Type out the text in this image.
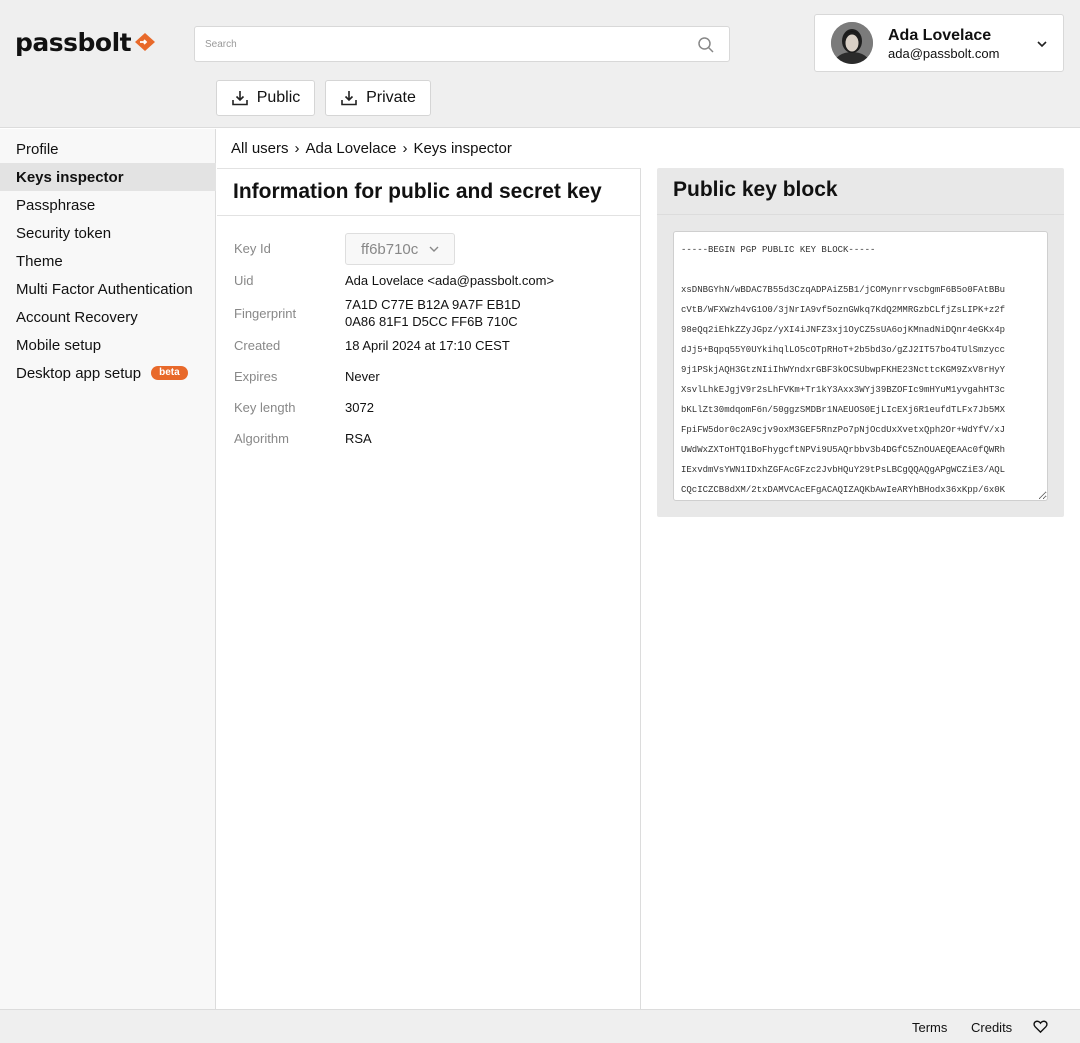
passbolt
Search	Ada Lovelace
ada@passbolt.com
Public	Private
Profile
Keys inspector
Passphrase
Security token
Theme
Multi Factor Authentication
Account Recovery
Mobile setup
Desktop app setup	beta
All users › Ada Lovelace › Keys inspector
Information for public and secret key
Key Id	ff6b710c
Uid	Ada Lovelace <ada@passbolt.com>
Fingerprint
7A1D C77E B12A 9A7F EB1D
0A86 81F1 D5CC FF6B 710C
Created	18 April 2024 at 17:10 CEST
Expires	Never
Key length	3072
Algorithm	RSA
Public key block
-----BEGIN PGP PUBLIC KEY BLOCK-----

xsDNBGYhN/wBDAC7B55d3CzqADPAiZ5B1/jCOMynrrvscbgmF6B5o0FAtBBu
cVtB/WFXWzh4vG1O0/3jNrIA9vf5oznGWkq7KdQ2MMRGzbCLfjZsLIPK+z2f
98eQq2iEhkZZyJGpz/yXI4iJNFZ3xj1OyCZ5sUA6ojKMnadNiDQnr4eGKx4p
dJj5+Bqpq55Y0UYkihqlLO5cOTpRHoT+2b5bd3o/gZJ2IT57bo4TUlSmzycc
9j1PSkjAQH3GtzNIiIhWYndxrGBF3kOCSUbwpFKHE23NcttcKGM9ZxV8rHyY
XsvlLhkEJgjV9r2sLhFVKm+Tr1kY3Axx3WYj39BZOFIc9mHYuM1yvgahHT3c
bKLlZt30mdqomF6n/50ggzSMDBr1NAEUOS0EjLIcEXj6R1eufdTLFx7Jb5MX
FpiFW5dor0c2A9cjv9oxM3GEF5RnzPo7pNjOcdUxXvetxQph2Or+WdYfV/xJ
UWdWxZXToHTQ1BoFhygcftNPVi9U5AQrbbv3b4DGfC5ZnOUAEQEAAc0fQWRh
IExvdmVsYWN1IDxhZGFAcGFzc2JvbHQuY29tPsLBCgQQAQgAPgWCZiE3/AQL
CQcICZCB8dXM/2txDAMVCAcEFgACAQIZAQKbAwIeARYhBHodx36xKpp/6x0K
Terms Credits
